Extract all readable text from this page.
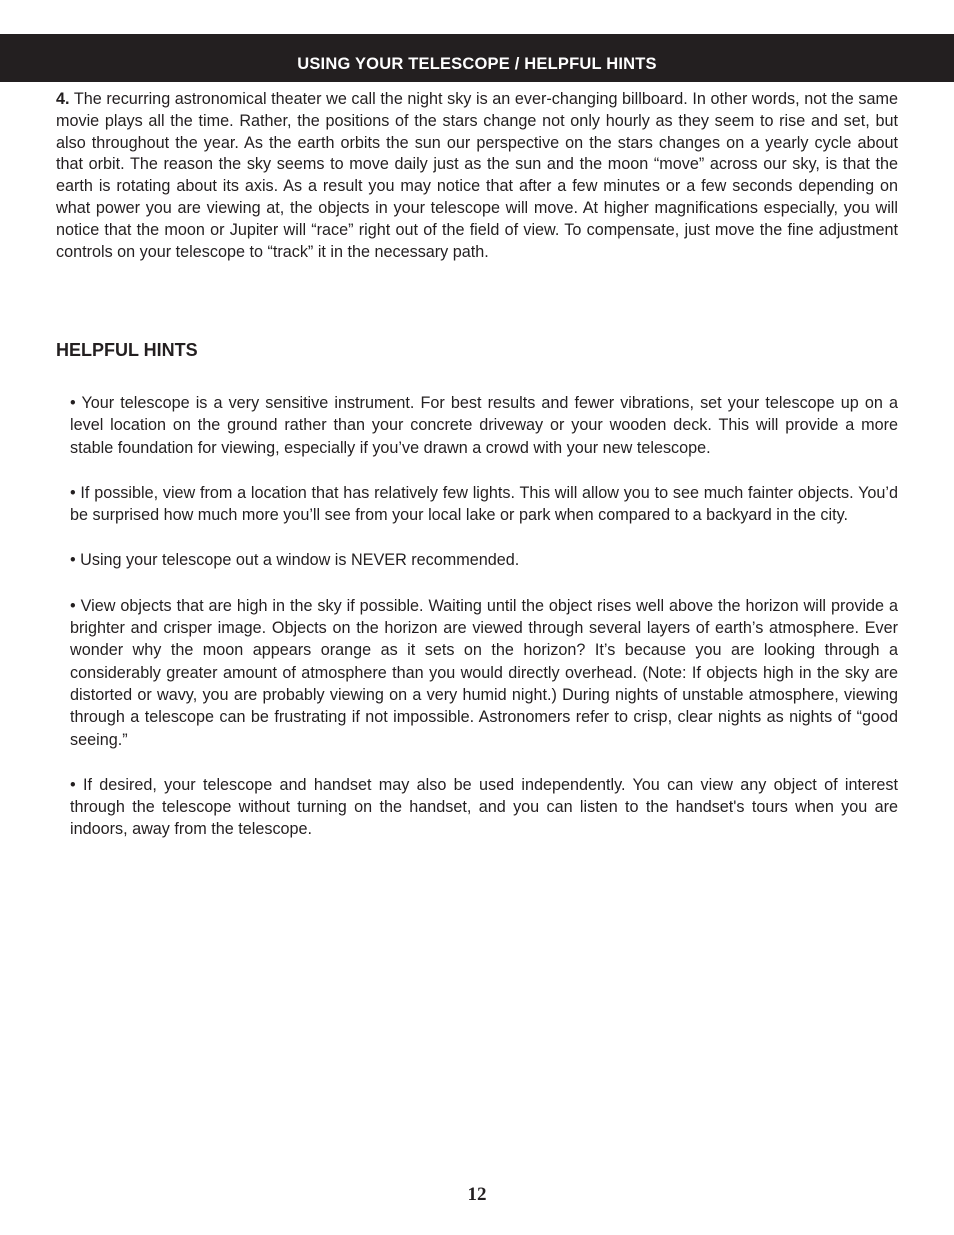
USING YOUR TELESCOPE / HELPFUL HINTS
4. The recurring astronomical theater we call the night sky is an ever-changing billboard. In other words, not the same movie plays all the time. Rather, the positions of the stars change not only hourly as they seem to rise and set, but also throughout the year. As the earth orbits the sun our perspective on the stars changes on a yearly cycle about that orbit. The reason the sky seems to move daily just as the sun and the moon “move” across our sky, is that the earth is rotating about its axis. As a result you may notice that after a few minutes or a few seconds depending on what power you are viewing at, the objects in your telescope will move. At higher magnifications especially, you will notice that the moon or Jupiter will “race” right out of the field of view. To compensate, just move the fine adjustment controls on your telescope to “track” it in the necessary path.
HELPFUL HINTS
• Your telescope is a very sensitive instrument. For best results and fewer vibrations, set your telescope up on a level location on the ground rather than your concrete driveway or your wooden deck. This will provide a more stable foundation for viewing, especially if you’ve drawn a crowd with your new telescope.
• If possible, view from a location that has relatively few lights. This will allow you to see much fainter objects. You’d be surprised how much more you’ll see from your local lake or park when compared to a backyard in the city.
• Using your telescope out a window is NEVER recommended.
• View objects that are high in the sky if possible. Waiting until the object rises well above the horizon will provide a brighter and crisper image. Objects on the horizon are viewed through several layers of earth’s atmosphere. Ever wonder why the moon appears orange as it sets on the horizon? It’s because you are looking through a considerably greater amount of atmosphere than you would directly overhead. (Note: If objects high in the sky are distorted or wavy, you are probably viewing on a very humid night.) During nights of unstable atmosphere, viewing through a telescope can be frustrating if not impossible. Astronomers refer to crisp, clear nights as nights of “good seeing.”
• If desired, your telescope and handset may also be used independently. You can view any object of interest through the telescope without turning on the handset, and you can listen to the handset's tours when you are indoors, away from the telescope.
12
